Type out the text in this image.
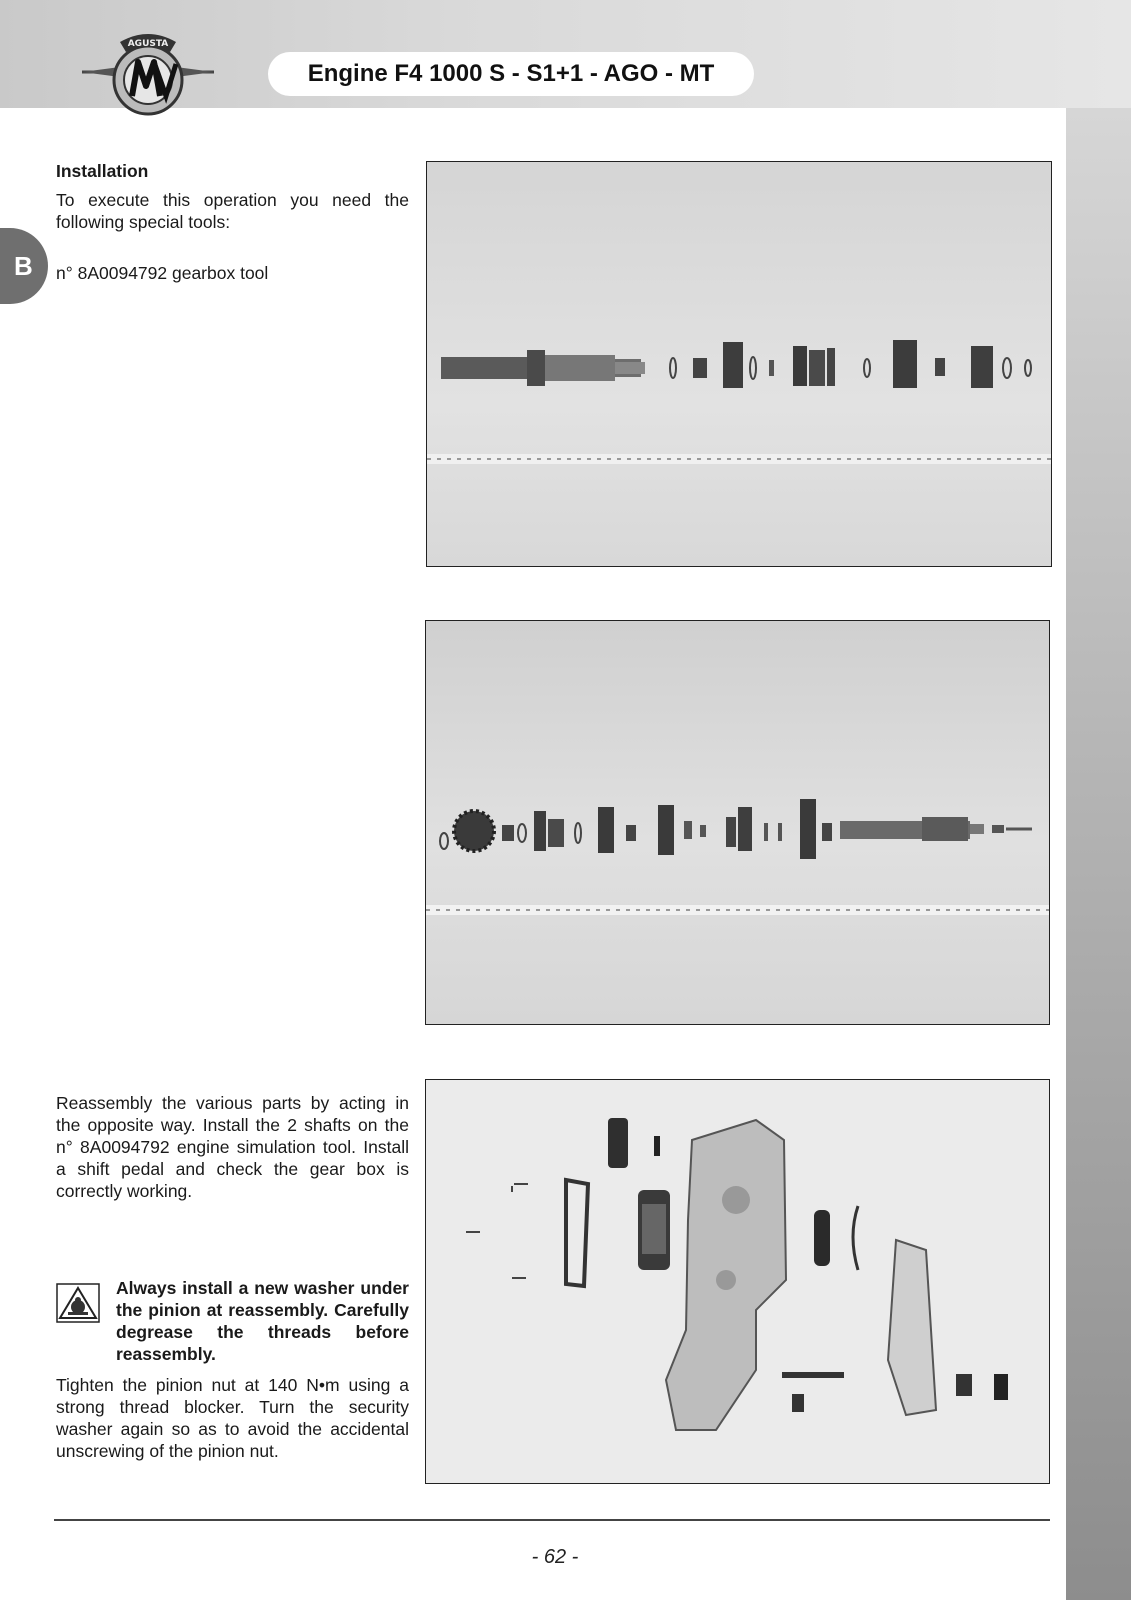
AGUSTA
Engine F4 1000 S - S1+1 - AGO - MT
B
Installation
To execute this operation you need the following special tools:
n° 8A0094792 gearbox tool
Reassembly the various parts by acting in the opposite way. Install the 2 shafts on the n° 8A0094792 engine simulation tool. Install a shift pedal and check the gear box is correctly working.
Always install a new washer under the pinion at reassembly. Carefully degrease the threads before reassembly.
Tighten the pinion nut at 140 N•m using a strong thread blocker. Turn the security washer again so as to avoid the accidental unscrewing of the pinion nut.
- 62 -
